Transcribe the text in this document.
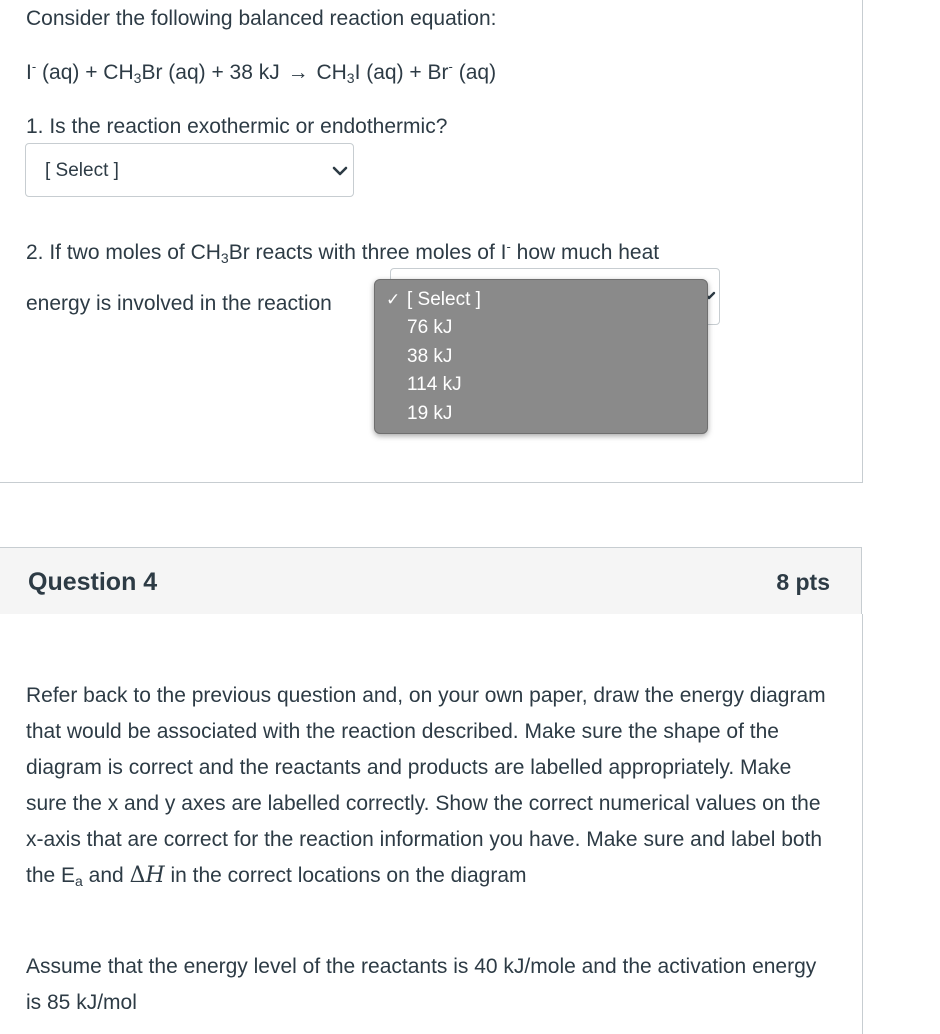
Consider the following balanced reaction equation:
I- $(aq) + CH_3Br$ (aq) + 38 kJ → $CH_3I$ (aq) + Br- (aq)
1. Is the reaction exothermic or endothermic?
[ Select ]
2. If two moles of $CH_3Br$ reacts with three moles of I- how much heat
energy is involved in the reaction	✓ [ Select ]
76 kJ
38 kJ
114 kJ
19 kJ
Question 4	8 pts
Refer back to the previous question and, on your own paper, draw the energy diagram that would be associated with the reaction described. Make sure the shape of the diagram is correct and the reactants and products are labelled appropriately. Make sure the x and y axes are labelled correctly. Show the correct numerical values on the x-axis that are correct for the reaction information you have. Make sure and label both the $E_a$ and ΔH in the correct locations on the diagram
Assume that the energy level of the reactants is 40 kJ/mole and the activation energy is 85 kJ/mol
